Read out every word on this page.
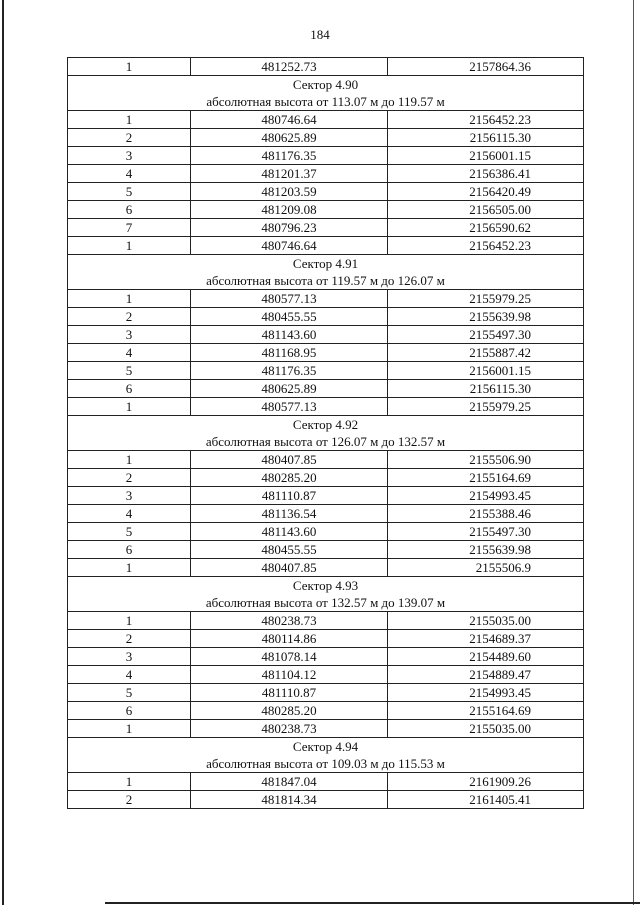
184
1	481252.73	2157864.36
Сектор 4.90		
абсолютная высота от 113.07 м до 119.57 м		
1	480746.64	2156452.23
2	480625.89	2156115.30
3	481176.35	2156001.15
4	481201.37	2156386.41
5	481203.59	2156420.49
6	481209.08	2156505.00
7	480796.23	2156590.62
1	480746.64	2156452.23
Сектор 4.91		
абсолютная высота от 119.57 м до 126.07 м		
1	480577.13	2155979.25
2	480455.55	2155639.98
3	481143.60	2155497.30
4	481168.95	2155887.42
5	481176.35	2156001.15
6	480625.89	2156115.30
1	480577.13	2155979.25
Сектор 4.92		
абсолютная высота от 126.07 м до 132.57 м		
1	480407.85	2155506.90
2	480285.20	2155164.69
3	481110.87	2154993.45
4	481136.54	2155388.46
5	481143.60	2155497.30
6	480455.55	2155639.98
1	480407.85	2155506.9
Сектор 4.93		
абсолютная высота от 132.57 м до 139.07 м		
1	480238.73	2155035.00
2	480114.86	2154689.37
3	481078.14	2154489.60
4	481104.12	2154889.47
5	481110.87	2154993.45
6	480285.20	2155164.69
1	480238.73	2155035.00
Сектор 4.94		
абсолютная высота от 109.03 м до 115.53 м		
1	481847.04	2161909.26
2	481814.34	2161405.41
